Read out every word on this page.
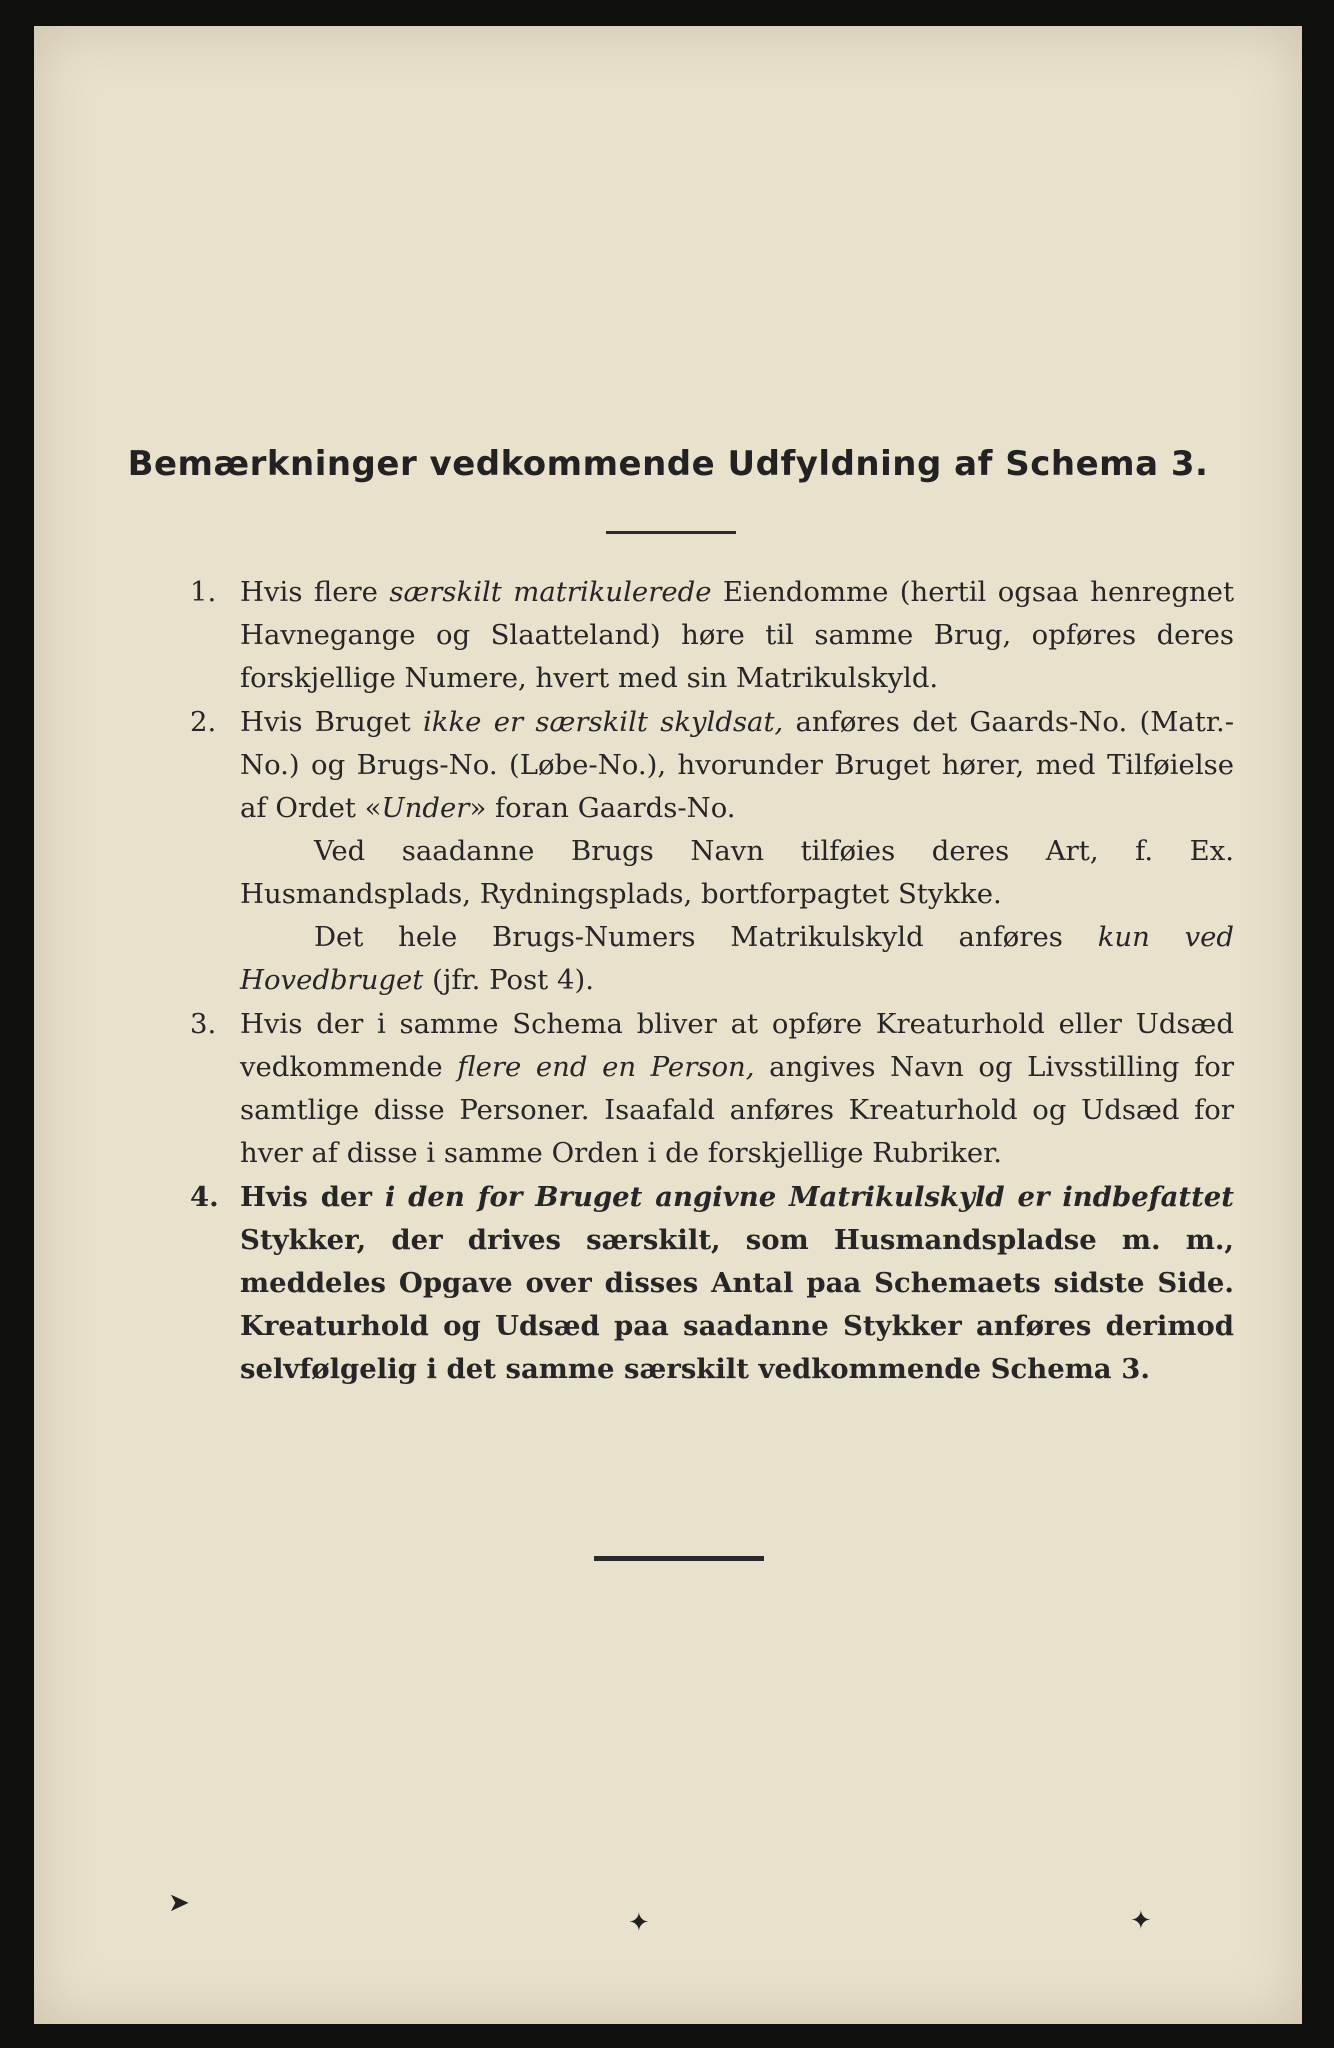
Bemærkninger vedkommende Udfyldning af Schema 3.
1. Hvis flere særskilt matrikulerede Eiendomme (hertil ogsaa henregnet Havnegange og Slaatteland) høre til samme Brug, opføres deres forskjellige Numere, hvert med sin Matrikulskyld.
2. Hvis Bruget ikke er særskilt skyldsat, anføres det Gaards-No. (Matr.-No.) og Brugs-No. (Løbe-No.), hvorunder Bruget hører, med Tilføielse af Ordet «Under» foran Gaards-No.
Ved saadanne Brugs Navn tilføies deres Art, f. Ex. Husmandsplads, Rydningsplads, bortforpagtet Stykke.
Det hele Brugs-Numers Matrikulskyld anføres kun ved Hovedbruget (jfr. Post 4).
3. Hvis der i samme Schema bliver at opføre Kreaturhold eller Udsæd vedkommende flere end en Person, angives Navn og Livsstilling for samtlige disse Personer. Isaafald anføres Kreaturhold og Udsæd for hver af disse i samme Orden i de forskjellige Rubriker.
4. Hvis der i den for Bruget angivne Matrikulskyld er indbefattet Stykker, der drives særskilt, som Husmandspladse m. m., meddeles Opgave over disses Antal paa Schemaets sidste Side. Kreaturhold og Udsæd paa saadanne Stykker anføres derimod selvfølgelig i det samme særskilt vedkommende Schema 3.
➤
✦	✦
